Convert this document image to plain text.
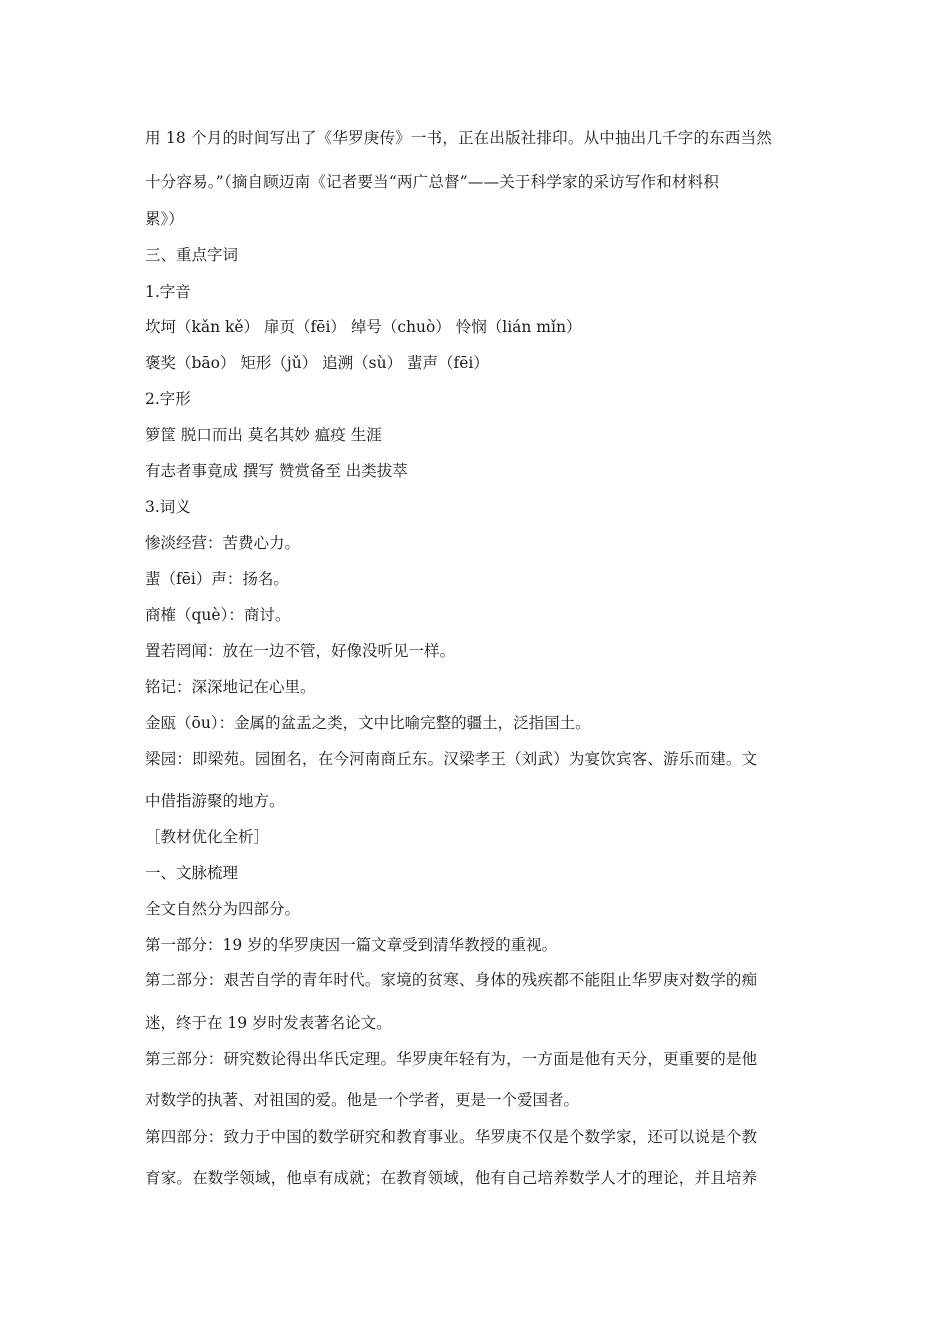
用 18 个月的时间写出了《华罗庚传》一书，正在出版社排印。从中抽出几千字的东西当然
十分容易。”（摘自顾迈南《记者要当“两广总督”——关于科学家的采访写作和材料积
累》）
三、重点字词
1.字音
坎坷（kǎn kě） 扉页（fēi） 绰号（chuò） 怜悯（lián mǐn）
褒奖（bāo） 矩形（jǔ） 追溯（sù） 蜚声（fēi）
2.字形
箩筐 脱口而出 莫名其妙 瘟疫 生涯
有志者事竟成 撰写 赞赏备至 出类拔萃
3.词义
惨淡经营：苦费心力。
蜚（fēi）声：扬名。
商榷（què）：商讨。
置若罔闻：放在一边不管，好像没听见一样。
铭记：深深地记在心里。
金瓯（ōu）：金属的盆盂之类，文中比喻完整的疆土，泛指国土。
梁园：即梁苑。园囿名，在今河南商丘东。汉梁孝王（刘武）为宴饮宾客、游乐而建。文
中借指游聚的地方。
［教材优化全析］
一、文脉梳理
全文自然分为四部分。
第一部分：19 岁的华罗庚因一篇文章受到清华教授的重视。
第二部分：艰苦自学的青年时代。家境的贫寒、身体的残疾都不能阻止华罗庚对数学的痴
迷，终于在 19 岁时发表著名论文。
第三部分：研究数论得出华氏定理。华罗庚年轻有为，一方面是他有天分，更重要的是他
对数学的执著、对祖国的爱。他是一个学者，更是一个爱国者。
第四部分：致力于中国的数学研究和教育事业。华罗庚不仅是个数学家，还可以说是个教
育家。在数学领域，他卓有成就；在教育领域，他有自己培养数学人才的理论，并且培养
